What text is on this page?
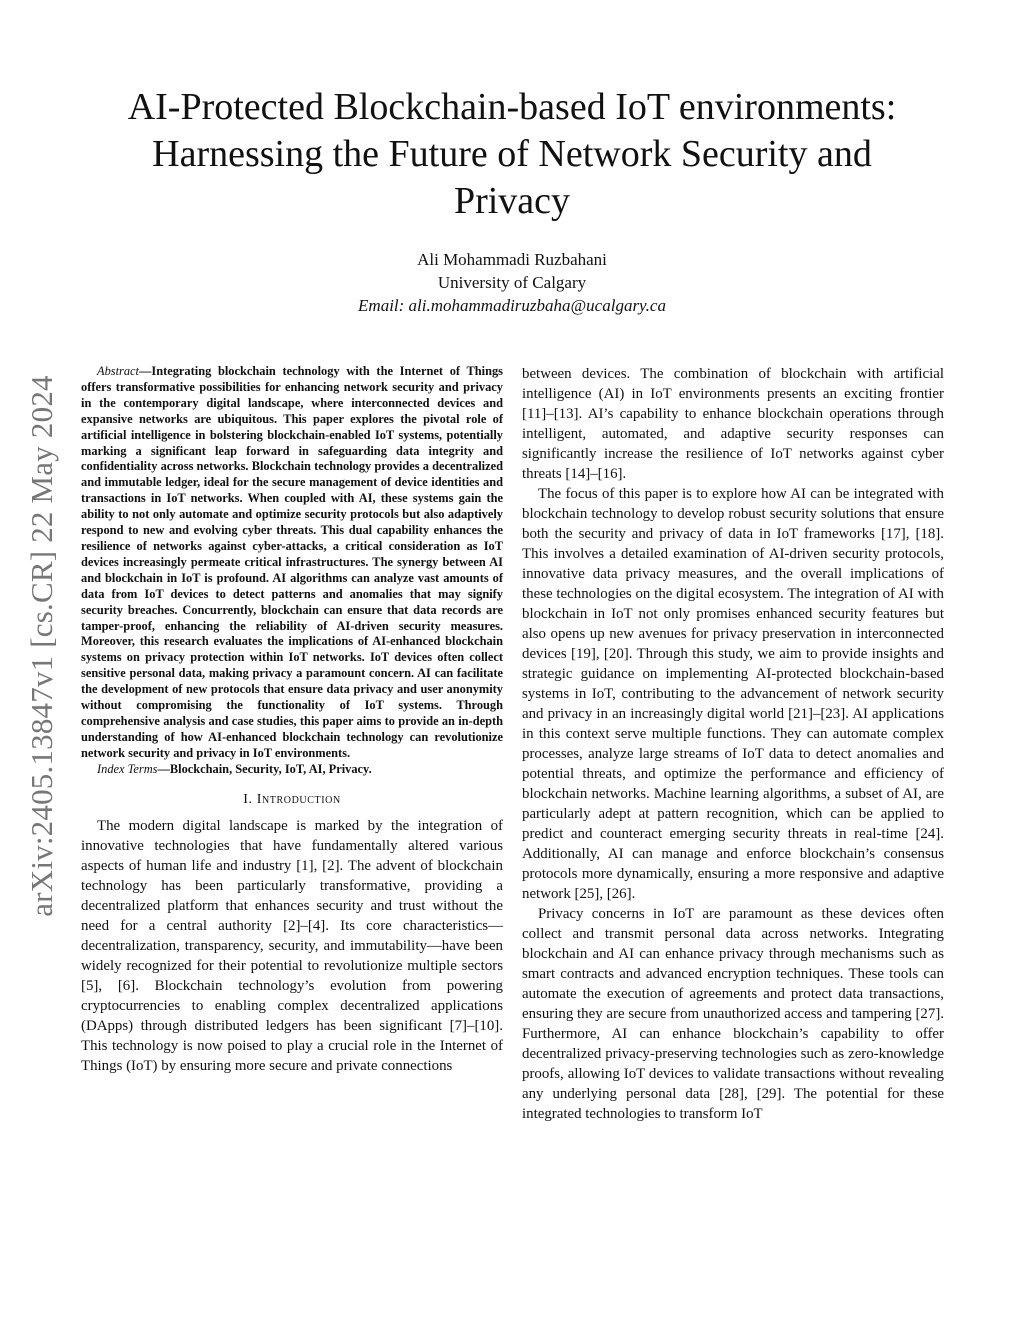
arXiv:2405.13847v1 [cs.CR] 22 May 2024
AI-Protected Blockchain-based IoT environments: Harnessing the Future of Network Security and Privacy
Ali Mohammadi Ruzbahani
University of Calgary
Email: ali.mohammadiruzbaha@ucalgary.ca

Abstract—Integrating blockchain technology with the Internet of Things offers transformative possibilities for enhancing network security and privacy in the contemporary digital landscape, where interconnected devices and expansive networks are ubiquitous. This paper explores the pivotal role of artificial intelligence in bolstering blockchain-enabled IoT systems, potentially marking a significant leap forward in safeguarding data integrity and confidentiality across networks. Blockchain technology provides a decentralized and immutable ledger, ideal for the secure management of device identities and transactions in IoT networks. When coupled with AI, these systems gain the ability to not only automate and optimize security protocols but also adaptively respond to new and evolving cyber threats. This dual capability enhances the resilience of networks against cyber-attacks, a critical consideration as IoT devices increasingly permeate critical infrastructures. The synergy between AI and blockchain in IoT is profound. AI algorithms can analyze vast amounts of data from IoT devices to detect patterns and anomalies that may signify security breaches. Concurrently, blockchain can ensure that data records are tamper-proof, enhancing the reliability of AI-driven security measures. Moreover, this research evaluates the implications of AI-enhanced blockchain systems on privacy protection within IoT networks. IoT devices often collect sensitive personal data, making privacy a paramount concern. AI can facilitate the development of new protocols that ensure data privacy and user anonymity without compromising the functionality of IoT systems. Through comprehensive analysis and case studies, this paper aims to provide an in-depth understanding of how AI-enhanced blockchain technology can revolutionize network security and privacy in IoT environments.

Index Terms—Blockchain, Security, IoT, AI, Privacy.

I. Introduction

The modern digital landscape is marked by the integration of innovative technologies that have fundamentally altered various aspects of human life and industry [1], [2]. The advent of blockchain technology has been particularly transformative, providing a decentralized platform that enhances security and trust without the need for a central authority [2]–[4]. Its core characteristics—decentralization, transparency, security, and immutability—have been widely recognized for their potential to revolutionize multiple sectors [5], [6]. Blockchain technology’s evolution from powering cryptocurrencies to enabling complex decentralized applications (DApps) through distributed ledgers has been significant [7]–[10]. This technology is now poised to play a crucial role in the Internet of Things (IoT) by ensuring more secure and private connections

between devices. The combination of blockchain with artificial intelligence (AI) in IoT environments presents an exciting frontier [11]–[13]. AI’s capability to enhance blockchain operations through intelligent, automated, and adaptive security responses can significantly increase the resilience of IoT networks against cyber threats [14]–[16].

The focus of this paper is to explore how AI can be integrated with blockchain technology to develop robust security solutions that ensure both the security and privacy of data in IoT frameworks [17], [18]. This involves a detailed examination of AI-driven security protocols, innovative data privacy measures, and the overall implications of these technologies on the digital ecosystem. The integration of AI with blockchain in IoT not only promises enhanced security features but also opens up new avenues for privacy preservation in interconnected devices [19], [20]. Through this study, we aim to provide insights and strategic guidance on implementing AI-protected blockchain-based systems in IoT, contributing to the advancement of network security and privacy in an increasingly digital world [21]–[23]. AI applications in this context serve multiple functions. They can automate complex processes, analyze large streams of IoT data to detect anomalies and potential threats, and optimize the performance and efficiency of blockchain networks. Machine learning algorithms, a subset of AI, are particularly adept at pattern recognition, which can be applied to predict and counteract emerging security threats in real-time [24]. Additionally, AI can manage and enforce blockchain’s consensus protocols more dynamically, ensuring a more responsive and adaptive network [25], [26].

Privacy concerns in IoT are paramount as these devices often collect and transmit personal data across networks. Integrating blockchain and AI can enhance privacy through mechanisms such as smart contracts and advanced encryption techniques. These tools can automate the execution of agreements and protect data transactions, ensuring they are secure from unauthorized access and tampering [27]. Furthermore, AI can enhance blockchain’s capability to offer decentralized privacy-preserving technologies such as zero-knowledge proofs, allowing IoT devices to validate transactions without revealing any underlying personal data [28], [29]. The potential for these integrated technologies to transform IoT
